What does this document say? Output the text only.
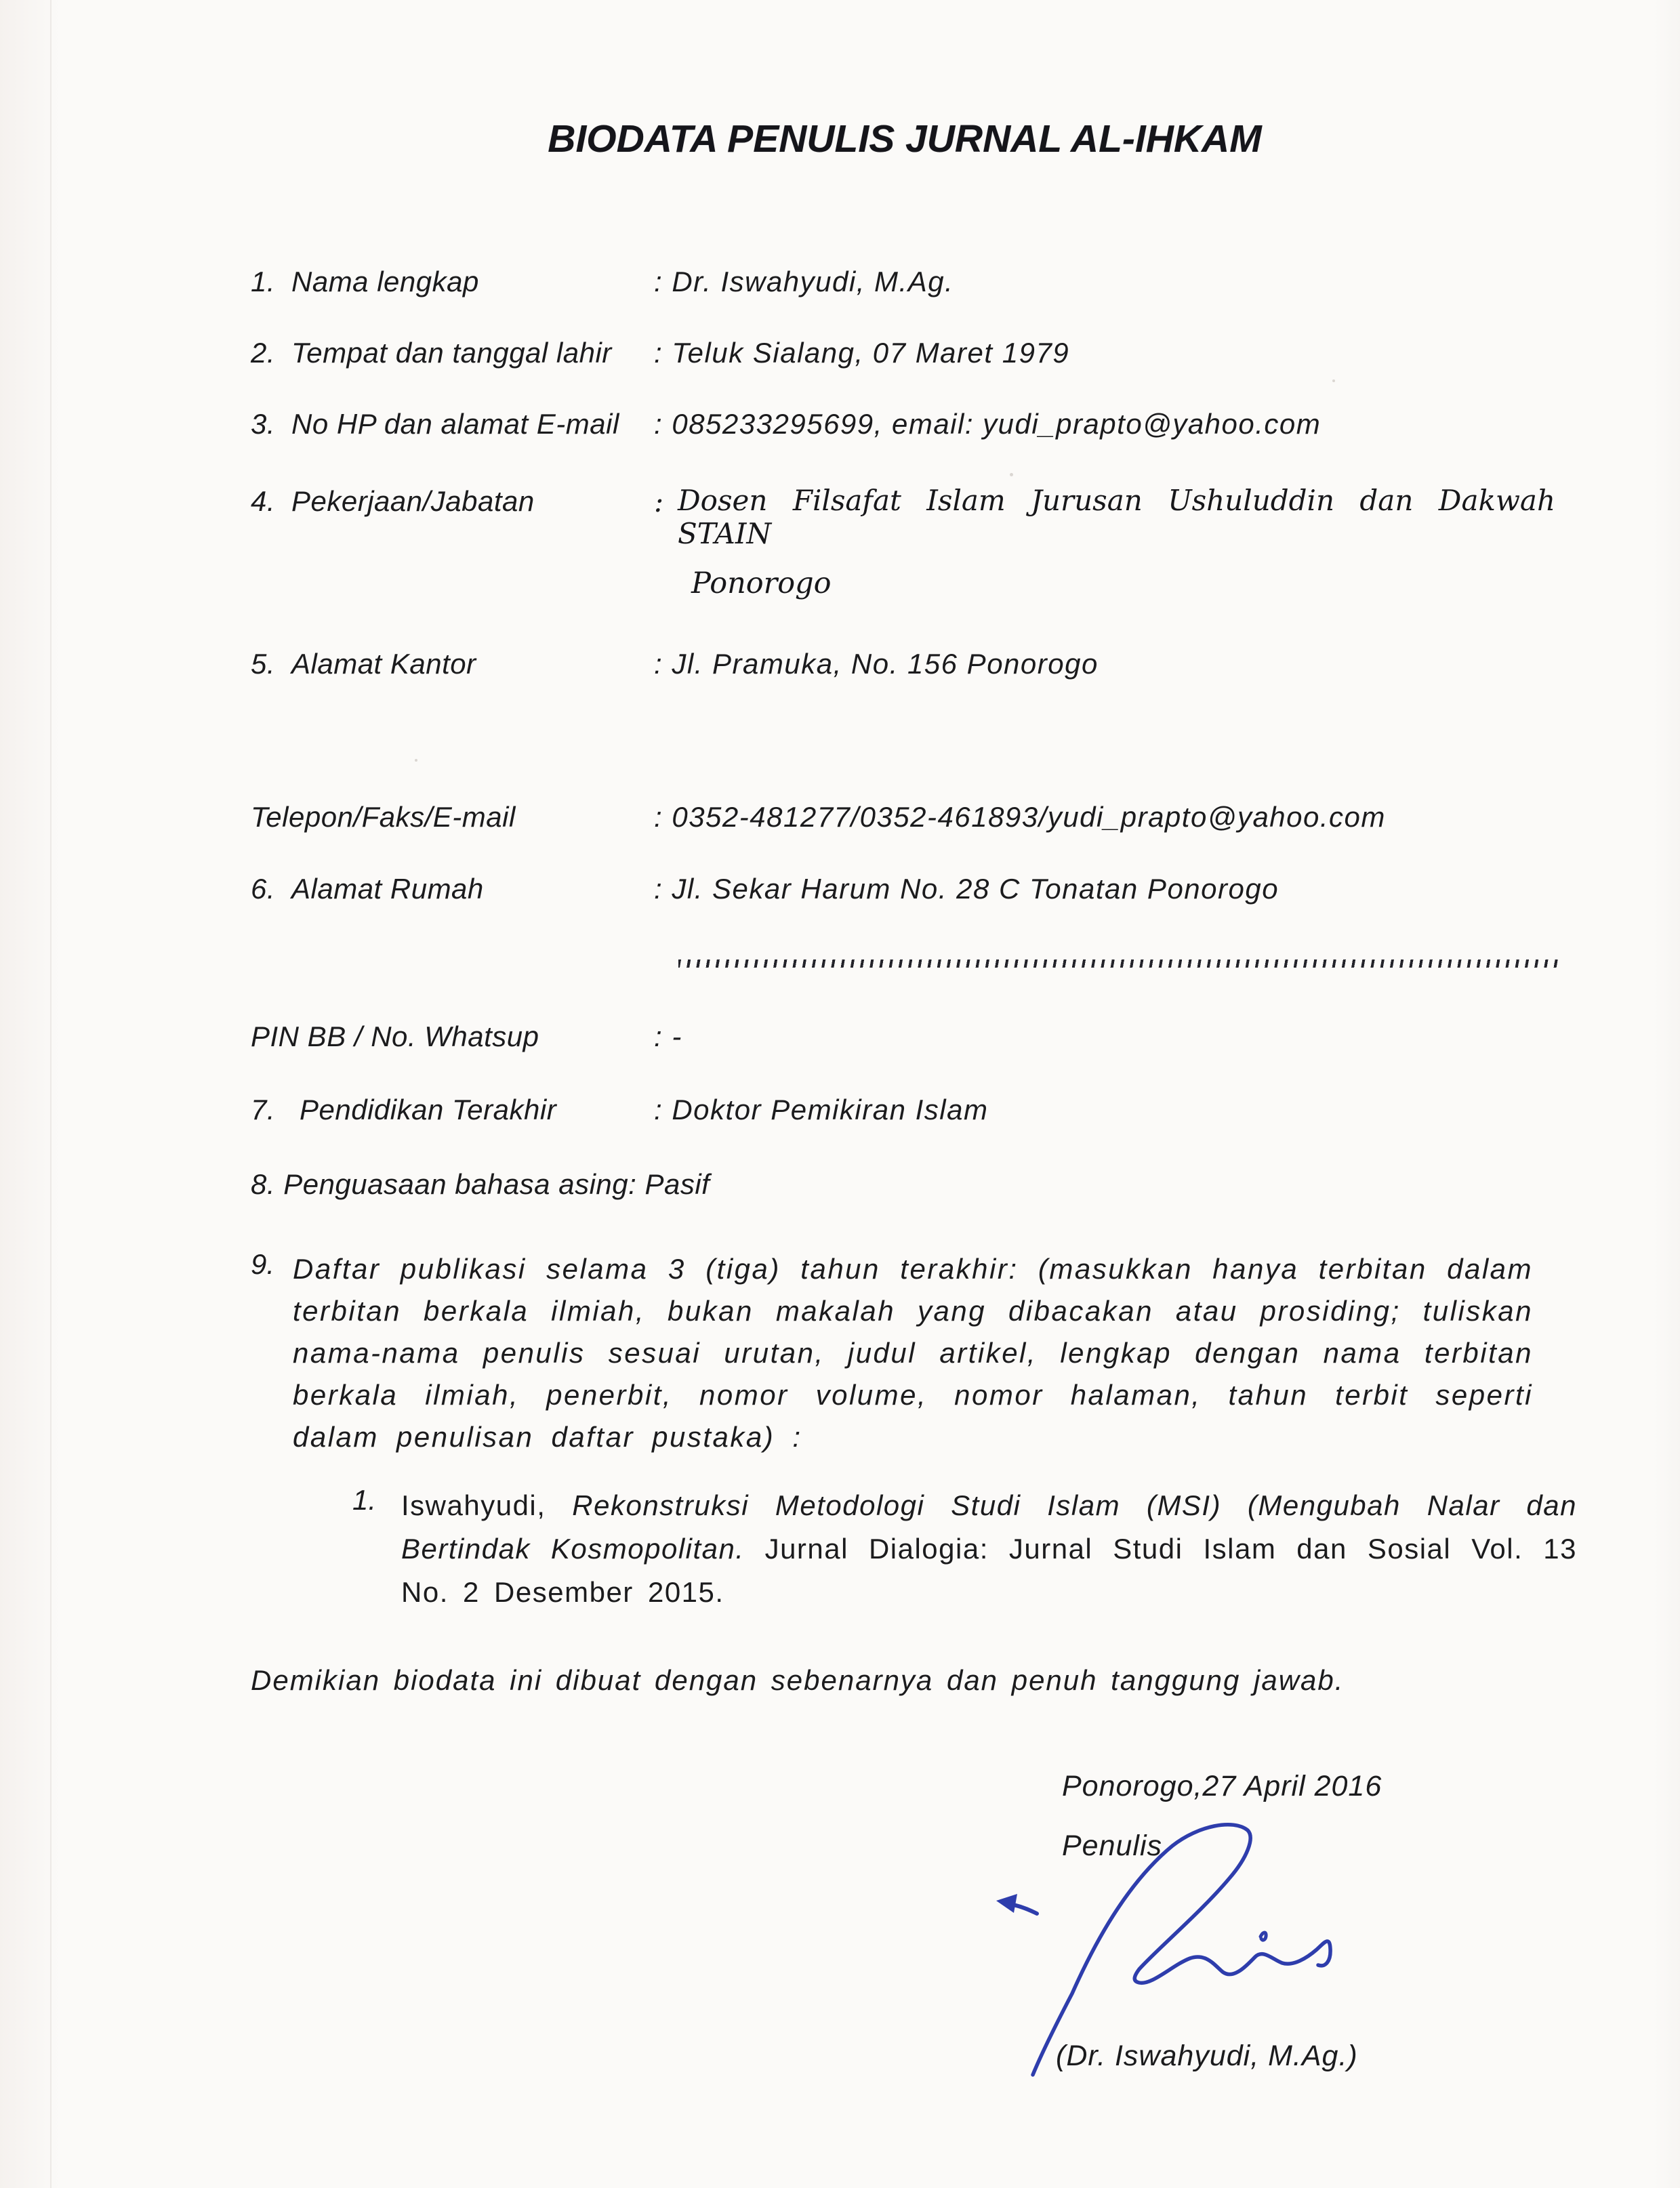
BIODATA PENULIS JURNAL AL-IHKAM
1. Nama lengkap	: Dr. Iswahyudi, M.Ag.
2. Tempat dan tanggal lahir : Teluk Sialang, 07 Maret 1979
3. No HP dan alamat E-mail : 085233295699, email: yudi_prapto@yahoo.com
4. Pekerjaan/Jabatan	: Dosen Filsafat Islam Jurusan Ushuluddin dan Dakwah STAIN
Ponorogo
5. Alamat Kantor	: Jl. Pramuka, No. 156 Ponorogo
Telepon/Faks/E-mail	: 0352-481277/0352-461893/yudi_prapto@yahoo.com
6. Alamat Rumah	: Jl. Sekar Harum No. 28 C Tonatan Ponorogo
PIN BB / No. Whatsup	: -
7. Pendidikan Terakhir	: Doktor Pemikiran Islam
8. Penguasaan bahasa asing: Pasif
9. Daftar publikasi selama 3 (tiga) tahun terakhir: (masukkan hanya terbitan dalam terbitan berkala ilmiah, bukan makalah yang dibacakan atau prosiding; tuliskan nama-nama penulis sesuai urutan, judul artikel, lengkap dengan nama terbitan berkala ilmiah, penerbit, nomor volume, nomor halaman, tahun terbit seperti dalam penulisan daftar pustaka) :
1. Iswahyudi, Rekonstruksi Metodologi Studi Islam (MSI) (Mengubah Nalar dan Bertindak Kosmopolitan. Jurnal Dialogia: Jurnal Studi Islam dan Sosial Vol. 13 No. 2 Desember 2015.
Demikian biodata ini dibuat dengan sebenarnya dan penuh tanggung jawab.
Ponorogo,27 April 2016
Penulis
(Dr. Iswahyudi, M.Ag.)
